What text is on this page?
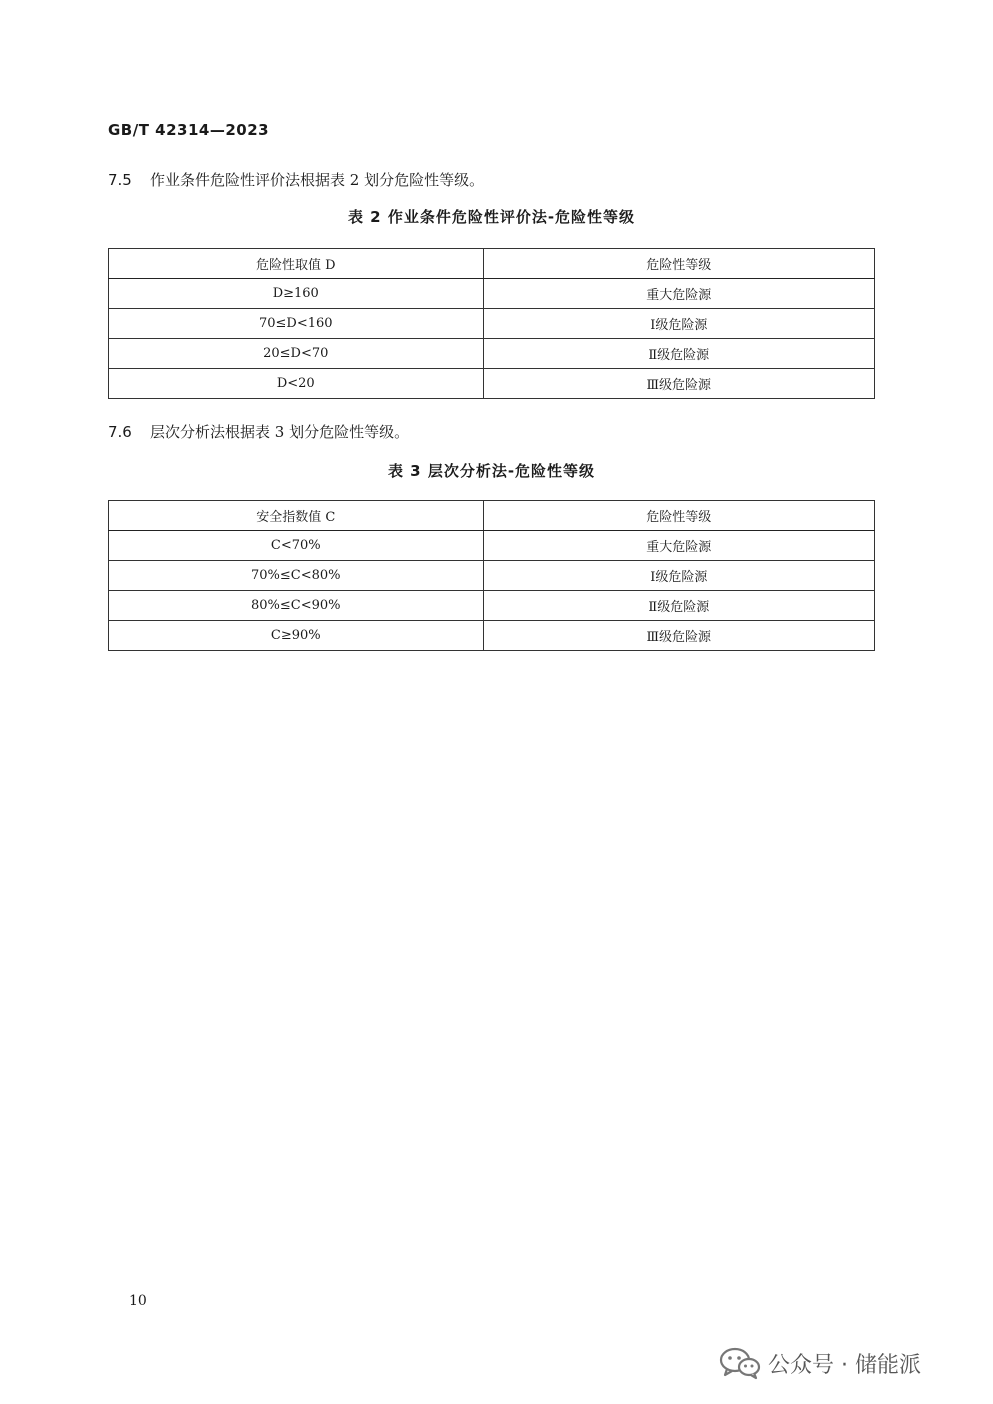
GB/T 42314—2023
7.5 作业条件危险性评价法根据表 2 划分危险性等级。
表 2 作业条件危险性评价法-危险性等级
危险性取值 D	危险性等级
D≥160	重大危险源
70≤D<160	Ⅰ级危险源
20≤D<70	Ⅱ级危险源
D<20	Ⅲ级危险源
7.6 层次分析法根据表 3 划分危险性等级。
表 3 层次分析法-危险性等级
安全指数值 C	危险性等级
C<70%	重大危险源
70%≤C<80%	Ⅰ级危险源
80%≤C<90%	Ⅱ级危险源
C≥90%	Ⅲ级危险源
10
公众号 · 储能派
